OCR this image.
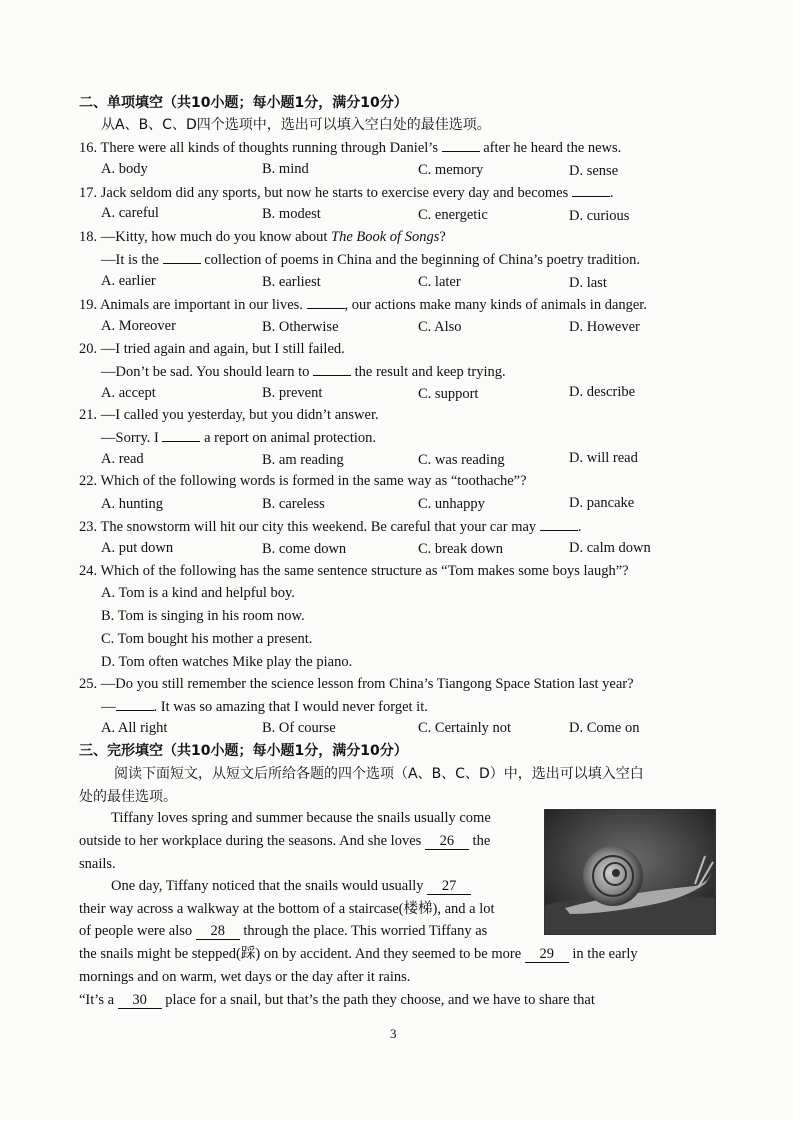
二、单项填空（共10小题；每小题1分，满分10分）
从A、B、C、D四个选项中，选出可以填入空白处的最佳选项。
16. There were all kinds of thoughts running through Daniel’s	after he heard the news.
A. body	B. mind	C. memory	D. sense
17. Jack seldom did any sports, but now he starts to exercise every day and becomes	.
A. careful	B. modest	C. energetic	D. curious
18. —Kitty, how much do you know about The Book of Songs?
—It is the	collection of poems in China and the beginning of China’s poetry tradition.
A. earlier	B. earliest	C. later	D. last
19. Animals are important in our lives.	, our actions make many kinds of animals in danger.
A. Moreover	B. Otherwise	C. Also	D. However
20. —I tried again and again, but I still failed.
—Don’t be sad. You should learn to	the result and keep trying.
A. accept	B. prevent	C. support	D. describe
21. —I called you yesterday, but you didn’t answer.
—Sorry. I	a report on animal protection.
A. read	B. am reading	C. was reading	D. will read
22. Which of the following words is formed in the same way as “toothache”?
A. hunting	B. careless	C. unhappy	D. pancake
23. The snowstorm will hit our city this weekend. Be careful that your car may	.
A. put down	B. come down	C. break down	D. calm down
24. Which of the following has the same sentence structure as “Tom makes some boys laugh”?
A. Tom is a kind and helpful boy.
B. Tom is singing in his room now.
C. Tom bought his mother a present.
D. Tom often watches Mike play the piano.
25. —Do you still remember the science lesson from China’s Tiangong Space Station last year?
—	. It was so amazing that I would never forget it.
A. All right	B. Of course	C. Certainly not	D. Come on
三、完形填空（共10小题；每小题1分，满分10分）
阅读下面短文，从短文后所给各题的四个选项（A、B、C、D）中，选出可以填入空白
处的最佳选项。
Tiffany loves spring and summer because the snails usually come
outside to her workplace during the seasons. And she loves 26 the
snails.
One day, Tiffany noticed that the snails would usually 27
their way across a walkway at the bottom of a staircase(楼梯), and a lot
of people were also 28 through the place. This worried Tiffany as
the snails might be stepped(踩) on by accident. And they seemed to be more 29 in the early
mornings and on warm, wet days or the day after it rains.
“It’s a 30 place for a snail, but that’s the path they choose, and we have to share that
3
